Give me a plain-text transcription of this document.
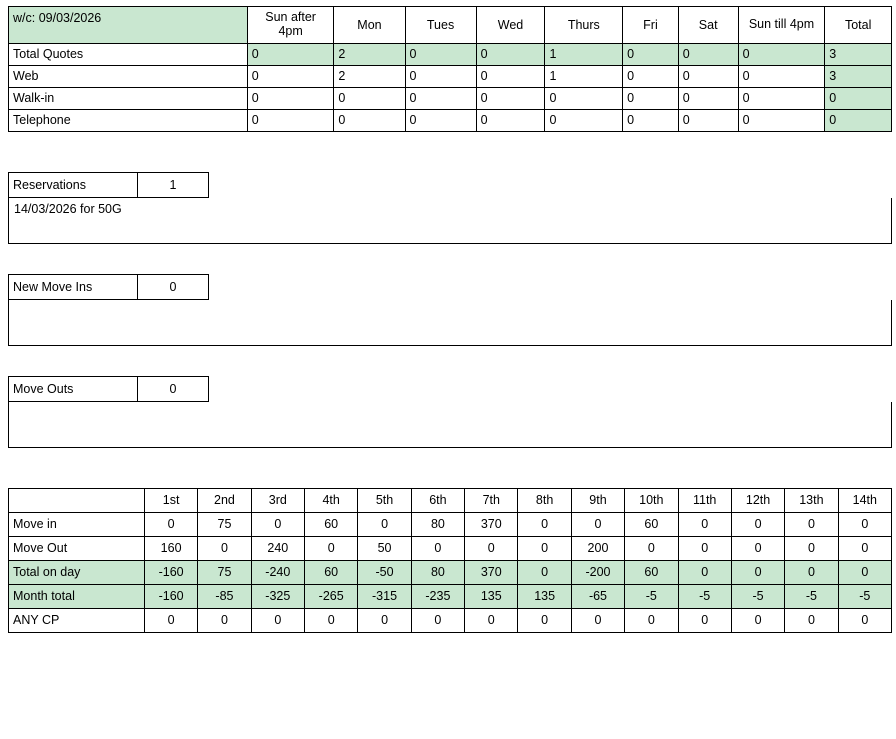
w/c: 09/03/2026	Sun after 4pm	Mon	Tues	Wed	Thurs	Fri	Sat	Sun till 4pm	Total
Total Quotes	0	2	0	0	1	0	0	0	3
Web	0	2	0	0	1	0	0	0	3
Walk-in	0	0	0	0	0	0	0	0	0
Telephone	0	0	0	0	0	0	0	0	0
Reservations	1
14/03/2026 for 50G
New Move Ins	0
Move Outs	0
	1st	2nd	3rd	4th	5th	6th	7th	8th	9th	10th	11th	12th	13th	14th
Move in	0	75	0	60	0	80	370	0	0	60	0	0	0	0
Move Out	160	0	240	0	50	0	0	0	200	0	0	0	0	0
Total on day	-160	75	-240	60	-50	80	370	0	-200	60	0	0	0	0
Month total	-160	-85	-325	-265	-315	-235	135	135	-65	-5	-5	-5	-5	-5
ANY CP	0	0	0	0	0	0	0	0	0	0	0	0	0	0
